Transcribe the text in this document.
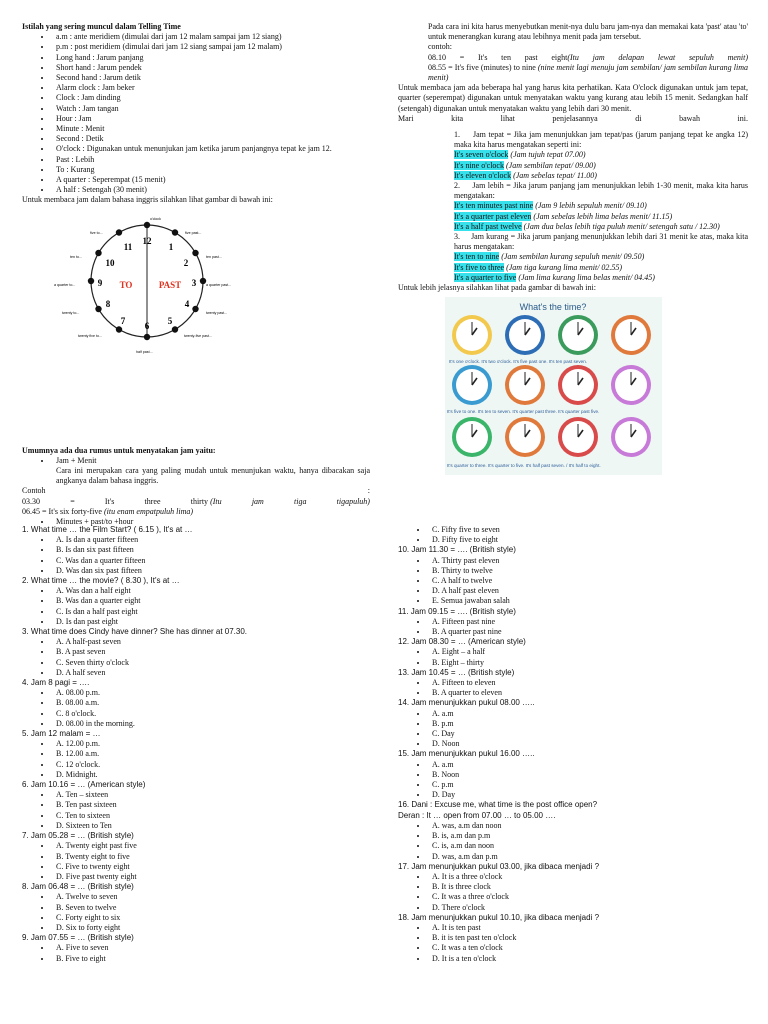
Istilah yang sering muncul dalam Telling Time
• a.m : ante meridiem (dimulai dari jam 12 malam sampai jam 12 siang)
• p.m : post meridiem (dimulai dari jam 12 siang sampai jam 12 malam)
• Long hand : Jarum panjang
• Short hand : Jarum pendek
• Second hand : Jarum detik
• Alarm clock : Jam beker
• Clock : Jam dinding
• Watch : Jam tangan
• Hour : Jam
• Minute : Menit
• Second : Detik
• O'clock : Digunakan untuk menunjukan jam ketika jarum panjangnya tepat ke jam 12.
• Past : Lebih
• To : Kurang
• A quarter : Seperempat (15 menit)
• A half : Setengah (30 menit)
Untuk membaca jam dalam bahasa inggris silahkan lihat gambar di bawah ini:
12
1
2
3
4
5
6
7
8
9
10
11
TO	PAST
o'clock
five to...	five past...
ten to...	ten past...
a quarter to...	a quarter past...
twenty to...	twenty past...
twenty five to...	twenty-five past...
half past...
Umumnya ada dua rumus untuk menyatakan jam yaitu:
• Jam + Menit
Cara ini merupakan cara yang paling mudah untuk menunjukan waktu, hanya dibacakan saja angkanya dalam bahasa inggris.
Contoh	:
03.30	=	It's	three	thirty (Itu	jam	tiga	tigapuluh)
06.45 = It's six forty-five (itu enam empatpuluh lima)
• Minutes + past/to +hour
Pada cara ini kita harus menyebutkan menit-nya dulu baru jam-nya dan memakai kata 'past' atau 'to' untuk menerangkan kurang atau lebihnya menit pada jam tersebut.
contoh:
08.10 = It's ten past eight(Itu jam delapan lewat sepuluh menit)
08.55 = It's five (minutes) to nine (nine menit lagi menuju jam sembilan/ jam sembilan kurang lima menit)
Untuk membaca jam ada beberapa hal yang harus kita perhatikan. Kata O'clock digunakan untuk jam tepat, quarter (seperempat) digunakan untuk menyatakan waktu yang kurang atau lebih 15 menit. Sedangkan half (setengah) digunakan untuk menyatakan waktu yang lebih dari 30 menit.
Mari	kita	lihat	penjelasannya	di	bawah	ini.
1. Jam tepat = Jika jam menunjukkan jam tepat/pas (jarum panjang tepat ke angka 12) maka kita harus mengatakan seperti ini:
It's seven o'clock (Jam tujuh tepat 07.00)
It's nine o'clock (Jam sembilan tepat/ 09.00)
It's eleven o'clock (Jam sebelas tepat/ 11.00)
2. Jam lebih = Jika jarum panjang jam menunjukkan lebih 1-30 menit, maka kita harus mengatakan:
It's ten minutes past nine (Jam 9 lebih sepuluh menit/ 09.10)
It's a quarter past eleven (Jam sebelas lebih lima belas menit/ 11.15)
It's a half past twelve (Jam dua belas lebih tiga puluh menit/ setengah satu / 12.30)
3. Jam kurang = Jika jarum panjang menunjukkan lebih dari 31 menit ke atas, maka kita harus mengatakan:
It's ten to nine (Jam sembilan kurang sepuluh menit/ 09.50)
It's five to three (Jam tiga kurang lima menit/ 02.55)
It's a quarter to five (Jam lima kurang lima belas menit/ 04.45)
Untuk lebih jelasnya silahkan lihat pada gambar di bawah ini:
What's the time?
It's one o'clock. It's two o'clock. It's five past one. It's ten past seven.
It's five to one. It's ten to seven. It's quarter past three. It's quarter past five.
It's quarter to three. It's quarter to five. It's half past seven. / It's half to eight.
1. What time … the Film Start? ( 6.15 ), It's at …
• A. Is dan a quarter fifteen
• B. Is dan six past fifteen
• C. Was dan a quarter fifteen
• D. Was dan six past fifteen
2. What time … the movie? ( 8.30 ), It's at …
• A. Was dan a half eight
• B. Was dan a quarter eight
• C. Is dan a half past eight
• D. Is dan past eight
3. What time does Cindy have dinner? She has dinner at 07.30.
• A. A half-past seven
• B. A past seven
• C. Seven thirty o'clock
• D. A half seven
4. Jam 8 pagi = ….
• A. 08.00 p.m.
• B. 08.00 a.m.
• C. 8 o'clock.
• D. 08.00 in the morning.
5. Jam 12 malam = …
• A. 12.00 p.m.
• B. 12.00 a.m.
• C. 12 o'clock.
• D. Midnight.
6. Jam 10.16 = … (American style)
• A. Ten – sixteen
• B. Ten past sixteen
• C. Ten to sixteen
• D. Sixteen to Ten
7. Jam 05.28 = … (British style)
• A. Twenty eight past five
• B. Twenty eight to five
• C. Five to twenty eight
• D. Five past twenty eight
8. Jam 06.48 = … (British style)
• A. Twelve to seven
• B. Seven to twelve
• C. Forty eight to six
• D. Six to forty eight
9. Jam 07.55 = … (British style)
• A. Five to seven
• B. Five to eight
• C. Fifty five to seven
• D. Fifty five to eight
10. Jam 11.30 = …. (British style)
• A. Thirty past eleven
• B. Thirty to twelve
• C. A half to twelve
• D. A half past eleven
• E. Semua jawaban salah
11. Jam 09.15 = …. (British style)
• A. Fifteen past nine
• B. A quarter past nine
12. Jam 08.30 = … (American style)
• A. Eight – a half
• B. Eight – thirty
13. Jam 10.45 = … (British style)
• A. Fifteen to eleven
• B. A quarter to eleven
14. Jam menunjukkan pukul 08.00 …..
• A. a.m
• B. p.m
• C. Day
• D. Noon
15. Jam menunjukkan pukul 16.00 …..
• A. a.m
• B. Noon
• C. p.m
• D. Day
16. Dani : Excuse me, what time is the post office open?
Deran : It … open from 07.00 … to 05.00 ….
• A. was, a.m dan noon
• B. is, a.m dan p.m
• C. is, a.m dan noon
• D. was, a.m dan p.m
17. Jam menunjukkan pukul 03.00, jika dibaca menjadi ?
• A. It is a three o'clock
• B. It is three clock
• C. It was a three o'clock
• D. There o'clock
18. Jam menunjukkan pukul 10.10, jika dibaca menjadi ?
• A. It is ten past
• B. it is ten past ten o'clock
• C. It was a ten o'clock
• D. It is a ten o'clock
